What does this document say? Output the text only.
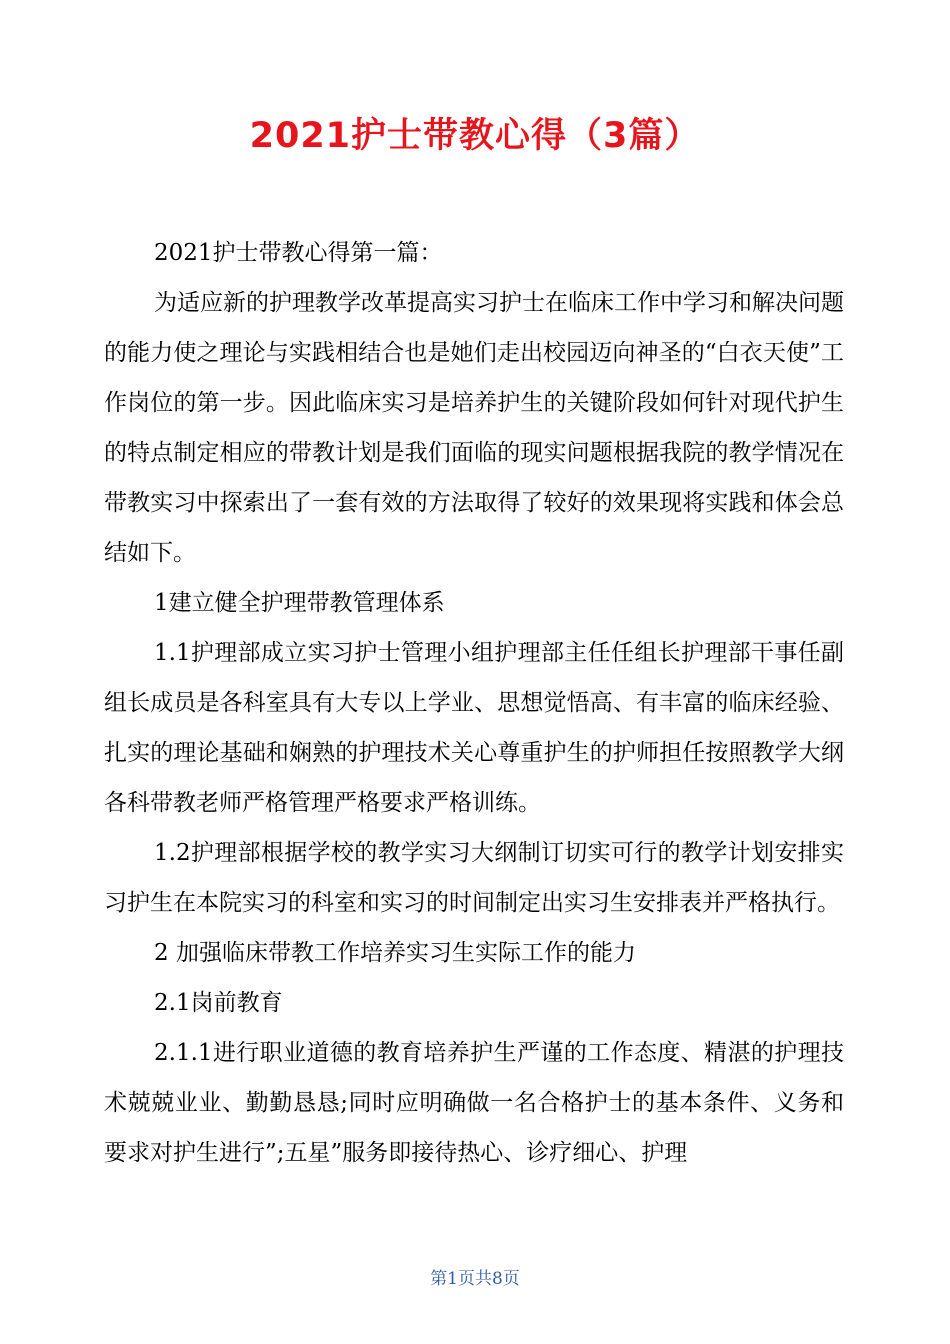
2021护士带教心得（3篇）

2021护士带教心得第一篇：

为适应新的护理教学改革提高实习护士在临床工作中学习和解决问题的能力使之理论与实践相结合也是她们走出校园迈向神圣的“白衣天使”工作岗位的第一步。因此临床实习是培养护生的关键阶段如何针对现代护生的特点制定相应的带教计划是我们面临的现实问题根据我院的教学情况在带教实习中探索出了一套有效的方法取得了较好的效果现将实践和体会总结如下。

1建立健全护理带教管理体系

1.1护理部成立实习护士管理小组护理部主任任组长护理部干事任副组长成员是各科室具有大专以上学业、思想觉悟高、有丰富的临床经验、扎实的理论基础和娴熟的护理技术关心尊重护生的护师担任按照教学大纲各科带教老师严格管理严格要求严格训练。

1.2护理部根据学校的教学实习大纲制订切实可行的教学计划安排实习护生在本院实习的科室和实习的时间制定出实习生安排表并严格执行。

2 加强临床带教工作培养实习生实际工作的能力

2.1岗前教育

2.1.1进行职业道德的教育培养护生严谨的工作态度、精湛的护理技术兢兢业业、勤勤恳恳;同时应明确做一名合格护士的基本条件、义务和要求对护生进行”;五星”服务即接待热心、诊疗细心、护理

第1页共8页
